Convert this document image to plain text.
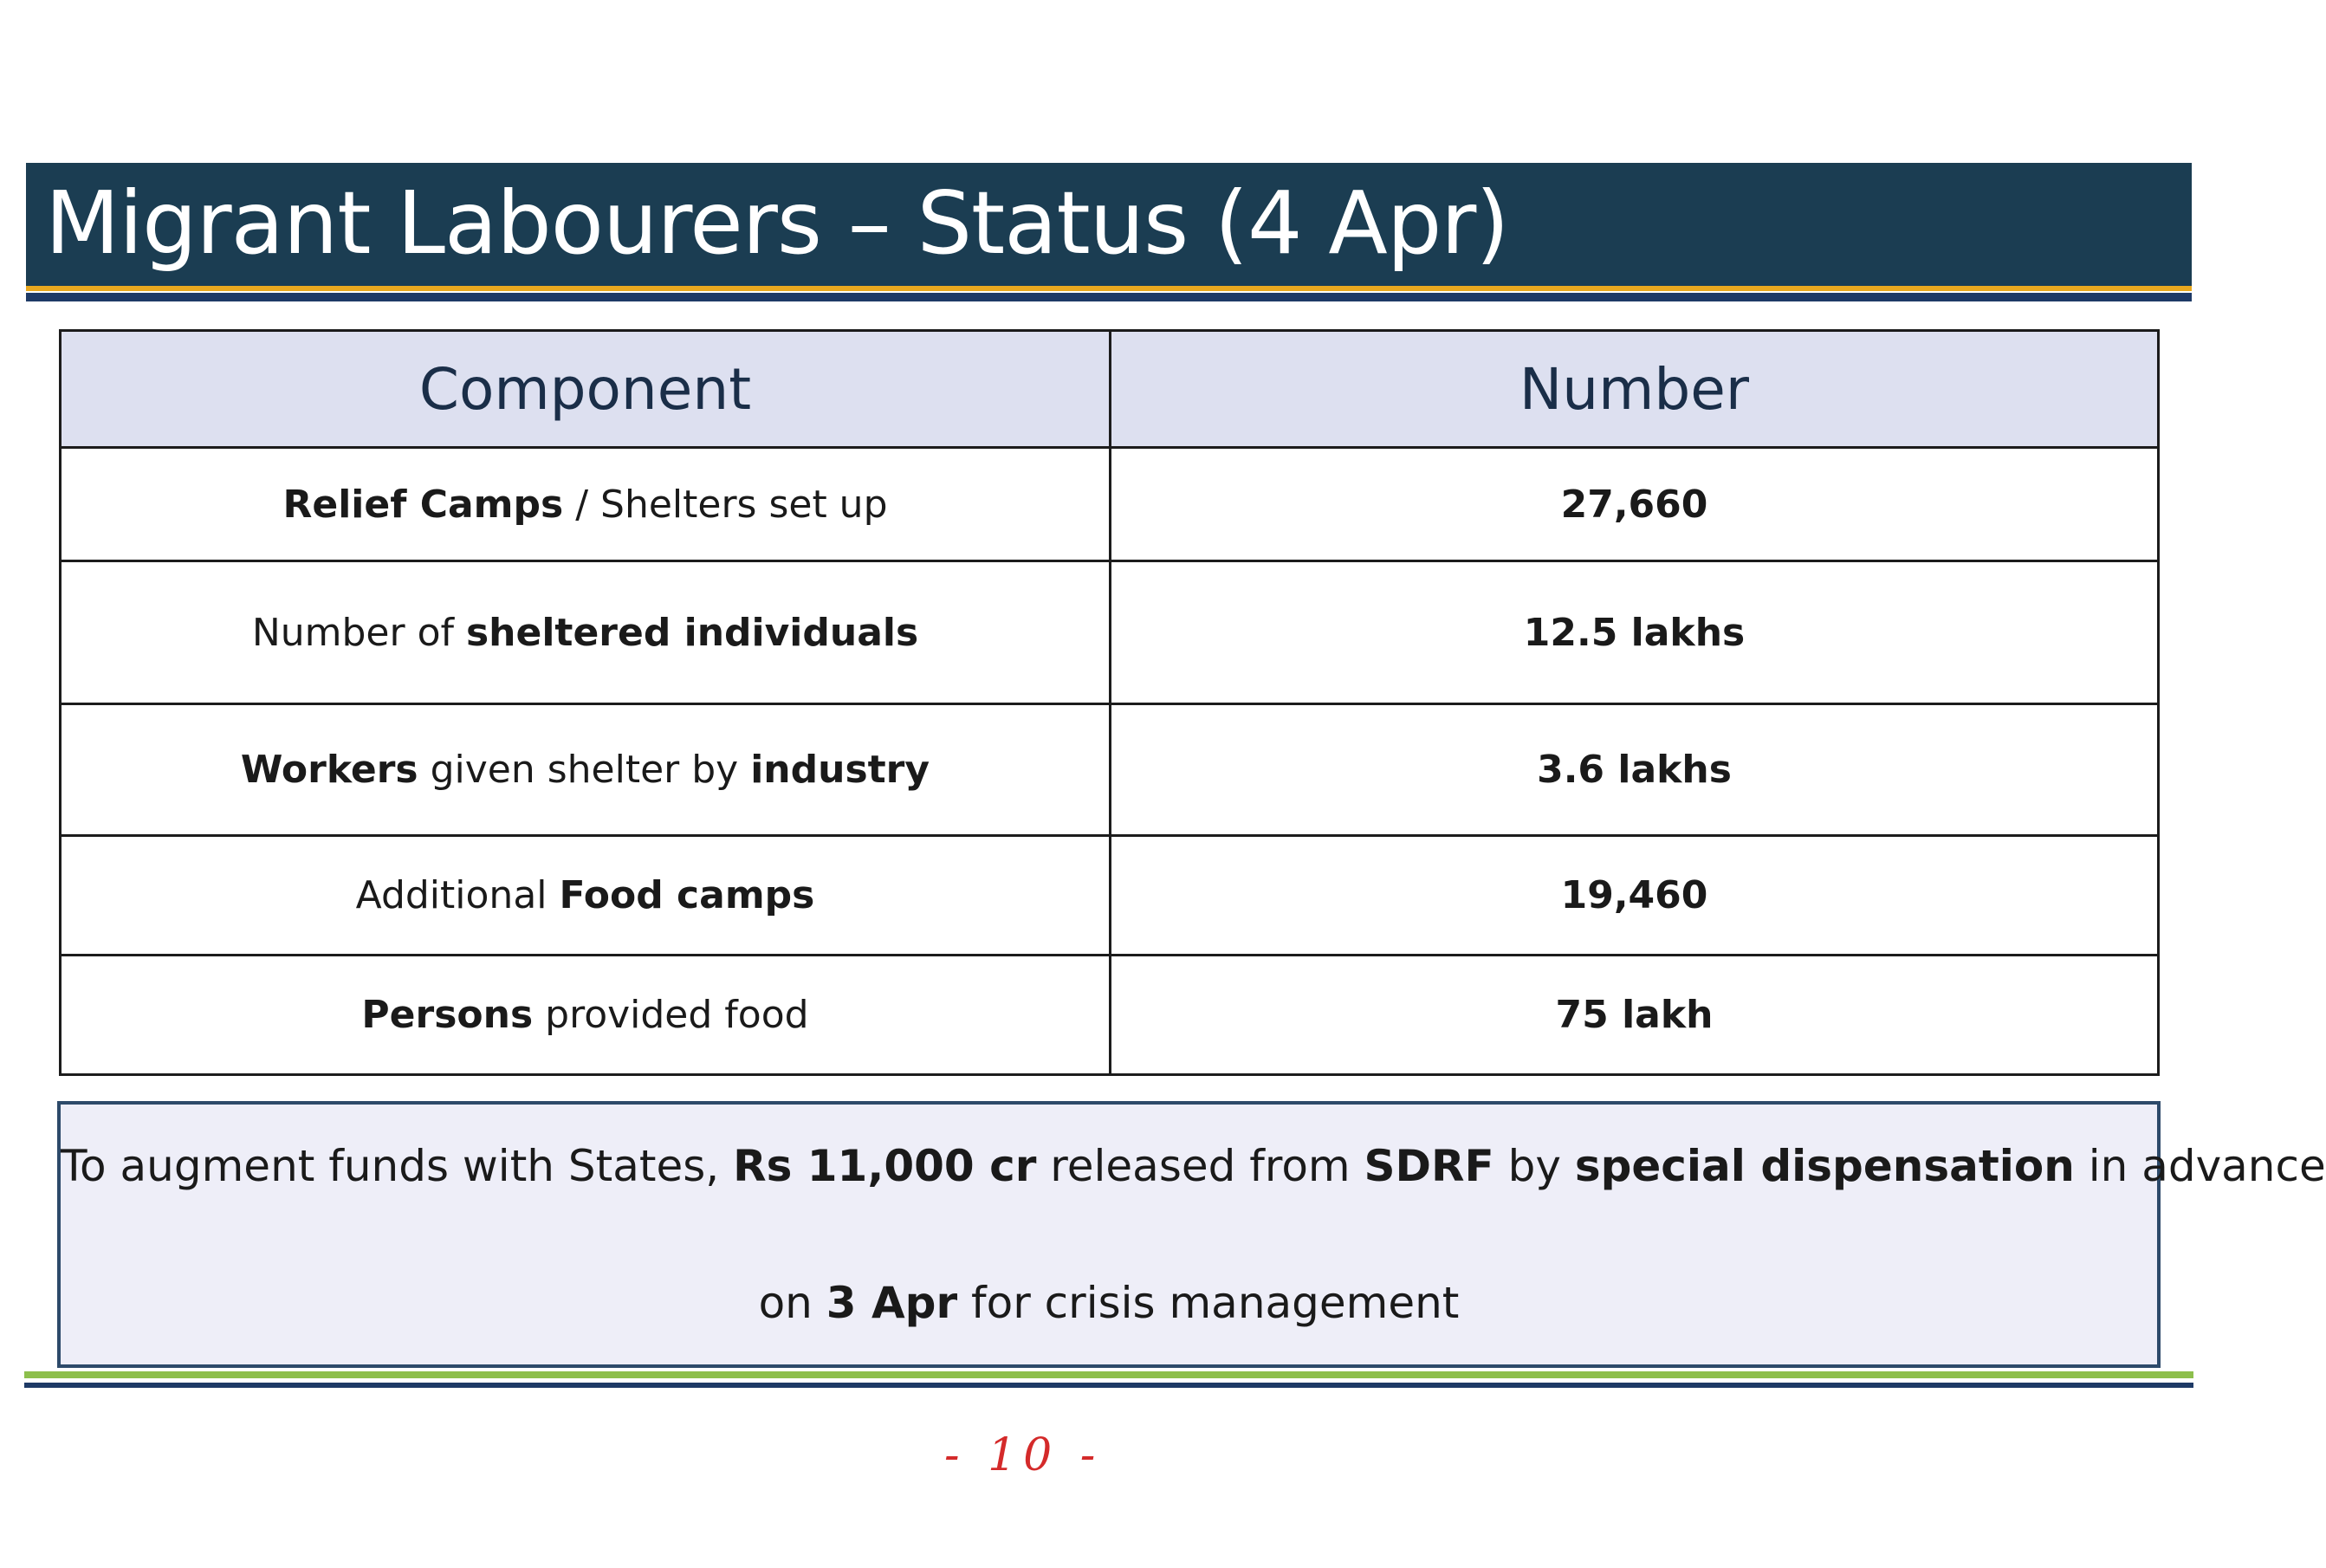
Migrant Labourers – Status (4 Apr)
Component	Number
Relief Camps / Shelters set up	27,660
Number of sheltered individuals	12.5 lakhs
Workers given shelter by industry	3.6 lakhs
Additional Food camps	19,460
Persons provided food	75 lakh
To augment funds with States, Rs 11,000 cr released from SDRF by special dispensation in advance
on 3 Apr for crisis management
- 10 -
